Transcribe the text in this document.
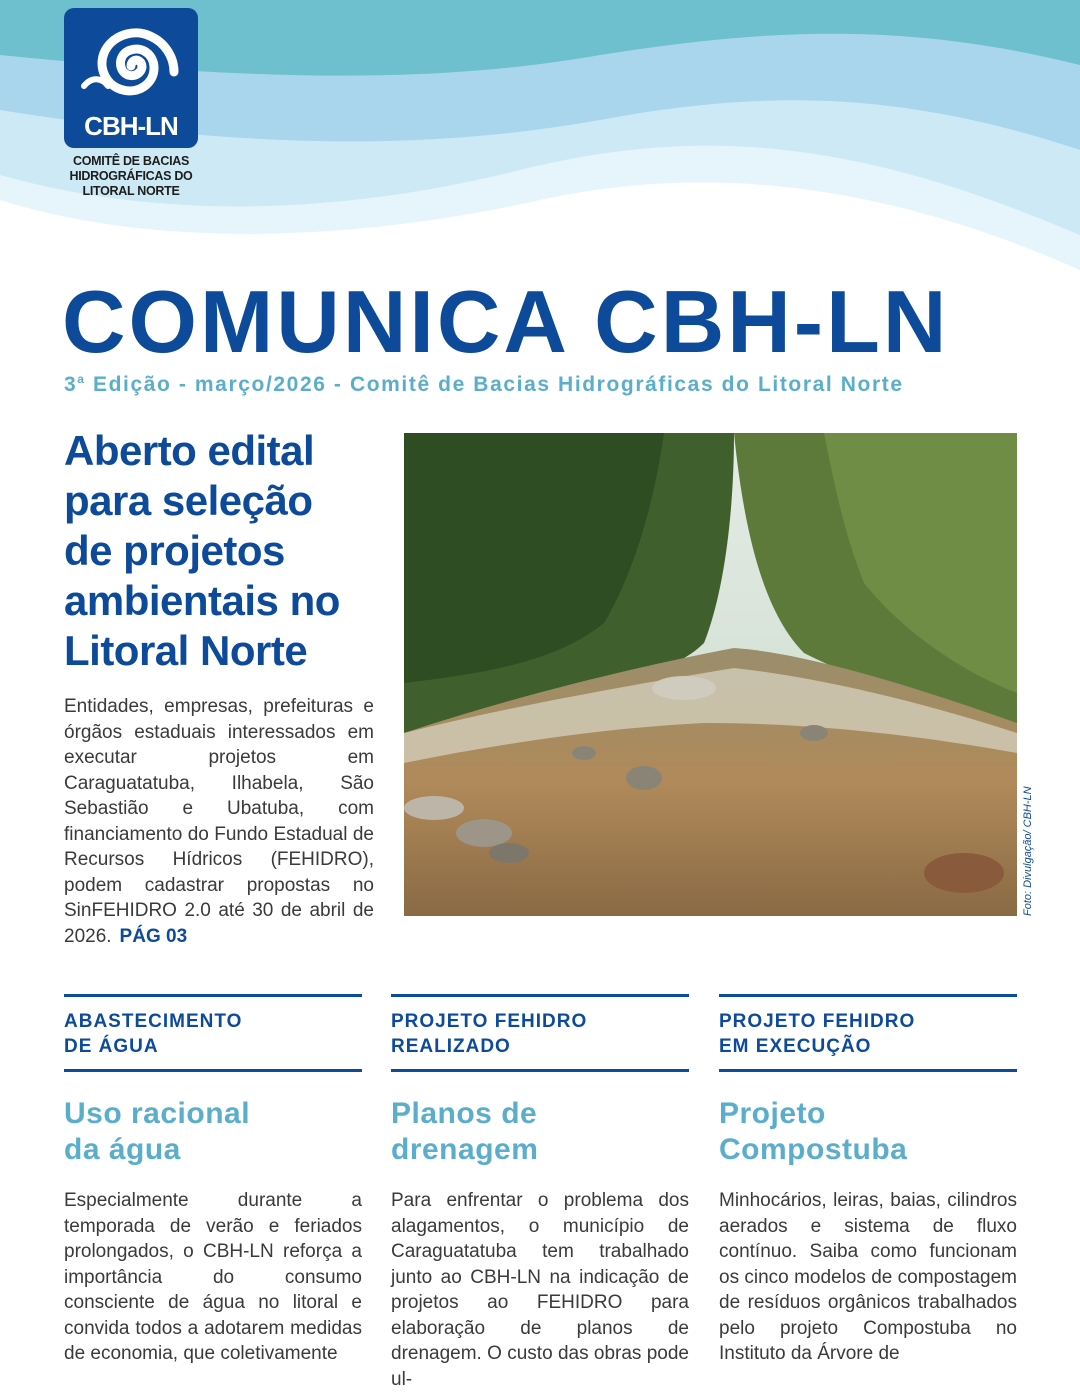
CBH-LN
COMITÊ DE BACIAS
HIDROGRÁFICAS DO
LITORAL NORTE
COMUNICA CBH-LN
3$^a$ Edição - março/2026 - Comitê de Bacias Hidrográficas do Litoral Norte
Aberto edital
para seleção
de projetos
ambientais no
Litoral Norte
Entidades, empresas, prefeituras e órgãos estaduais interessados em executar projetos em Caraguatatuba, Ilhabela, São Sebastião e Ubatuba, com financiamento do Fundo Estadual de Recursos Hídricos (FEHIDRO), podem cadastrar propostas no SinFEHIDRO 2.0 até 30 de abril de 2026. PÁG 03
Foto: Divulgação/ CBH-LN
ABASTECIMENTO
DE ÁGUA
Uso racional
da água
Especialmente durante a temporada de verão e feriados prolongados, o CBH-LN reforça a importância do consumo consciente de água no litoral e convida todos a adotarem medidas de economia, que coletivamente
PROJETO FEHIDRO
REALIZADO
Planos de
drenagem
Para enfrentar o problema dos alagamentos, o município de Caraguatatuba tem trabalhado junto ao CBH-LN na indicação de projetos ao FEHIDRO para elaboração de planos de drenagem. O custo das obras pode ul-
PROJETO FEHIDRO
EM EXECUÇÃO
Projeto
Compostuba
Minhocários, leiras, baias, cilindros aerados e sistema de fluxo contínuo. Saiba como funcionam os cinco modelos de compostagem de resíduos orgânicos trabalhados pelo projeto Compostuba no Instituto da Árvore de
